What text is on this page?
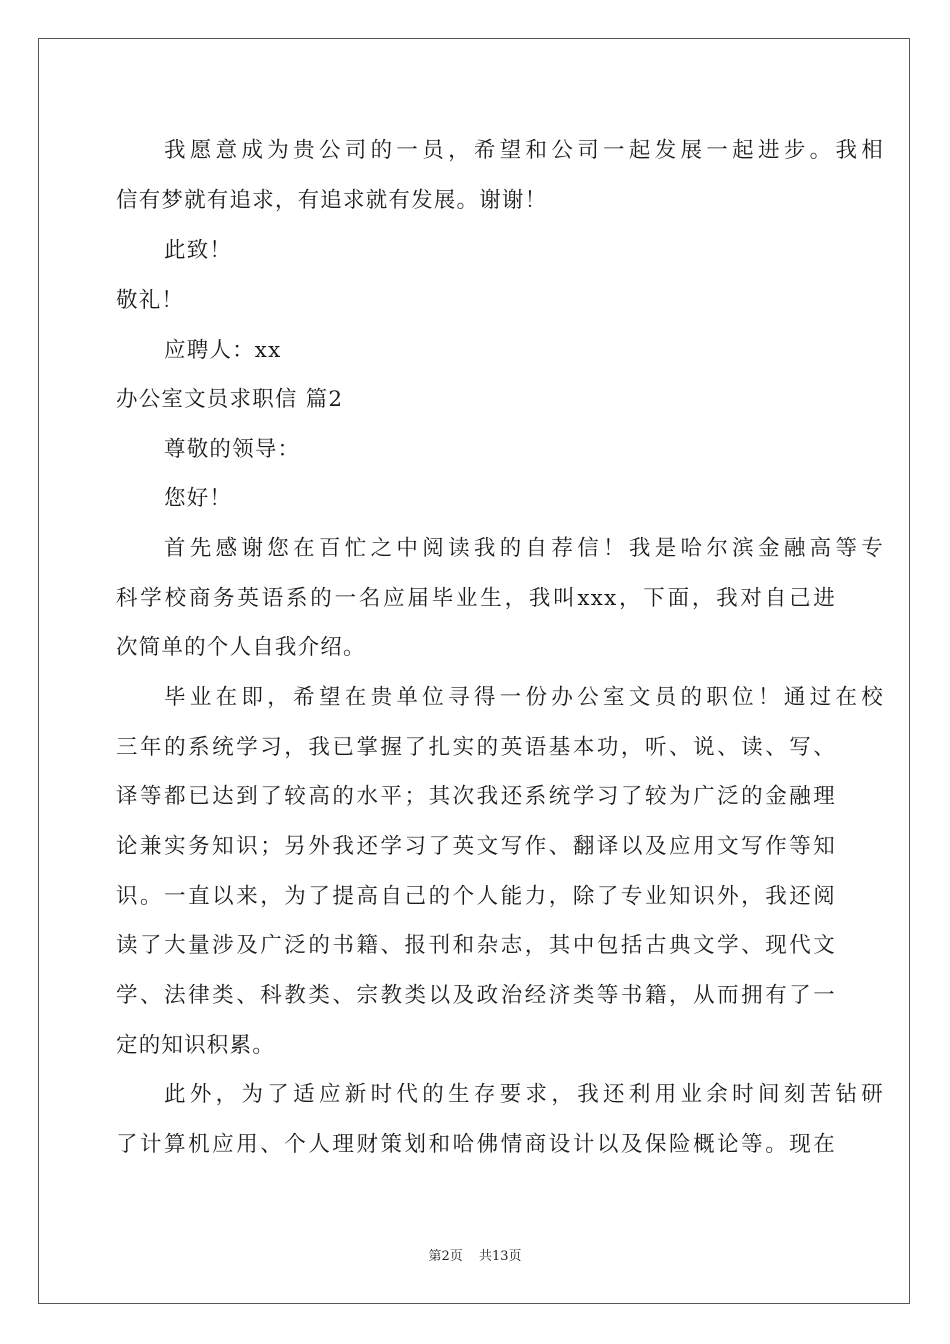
我愿意成为贵公司的一员，希望和公司一起发展一起进步。我相
信有梦就有追求，有追求就有发展。谢谢！
此致！
敬礼！
应聘人：xx
办公室文员求职信 篇2
尊敬的领导：
您好！
首先感谢您在百忙之中阅读我的自荐信！我是哈尔滨金融高等专
科学校商务英语系的一名应届毕业生，我叫xxx，下面，我对自己进
次简单的个人自我介绍。
毕业在即，希望在贵单位寻得一份办公室文员的职位！通过在校
三年的系统学习，我已掌握了扎实的英语基本功，听、说、读、写、
译等都已达到了较高的水平；其次我还系统学习了较为广泛的金融理
论兼实务知识；另外我还学习了英文写作、翻译以及应用文写作等知
识。一直以来，为了提高自己的个人能力，除了专业知识外，我还阅
读了大量涉及广泛的书籍、报刊和杂志，其中包括古典文学、现代文
学、法律类、科教类、宗教类以及政治经济类等书籍，从而拥有了一
定的知识积累。
此外，为了适应新时代的生存要求，我还利用业余时间刻苦钻研
了计算机应用、个人理财策划和哈佛情商设计以及保险概论等。现在
第2页 共13页
